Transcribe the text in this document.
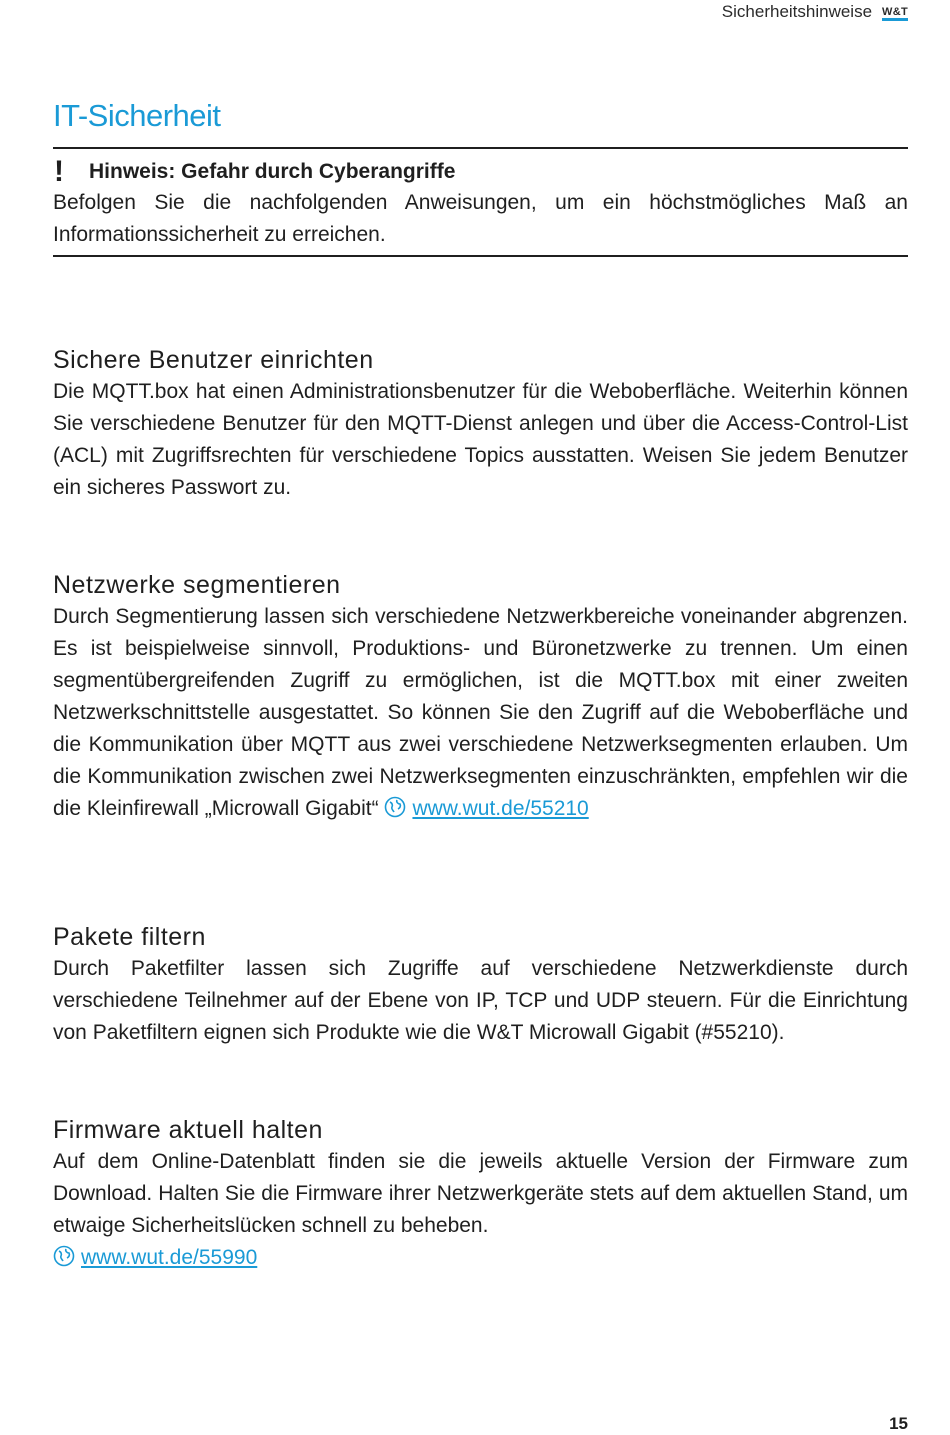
Sicherheitshinweise W&T
IT-Sicherheit
! Hinweis: Gefahr durch Cyberangriffe

Befolgen Sie die nachfolgenden Anweisungen, um ein höchstmögliches Maß an Informationssicherheit zu erreichen.

Sichere Benutzer einrichten

Die MQTT.box hat einen Administrationsbenutzer für die Weboberfläche. Weiterhin können Sie verschiedene Benutzer für den MQTT-Dienst anlegen und über die Access-Control-List (ACL) mit Zugriffsrechten für verschiedene Topics ausstatten. Weisen Sie jedem Benutzer ein sicheres Passwort zu.

Netzwerke segmentieren

Durch Segmentierung lassen sich verschiedene Netzwerkbereiche voneinander abgrenzen. Es ist beispielweise sinnvoll, Produktions- und Büronetzwerke zu trennen. Um einen segmentübergreifenden Zugriff zu ermöglichen, ist die MQTT.box mit einer zweiten Netzwerkschnittstelle ausgestattet. So können Sie den Zugriff auf die Weboberfläche und die Kommunikation über MQTT aus zwei verschiedene Netzwerksegmenten erlauben. Um die Kommunikation zwischen zwei Netzwerksegmenten einzuschränkten, empfehlen wir die die Kleinfirewall „Microwall Gigabit“ www.wut.de/55210

Pakete filtern

Durch Paketfilter lassen sich Zugriffe auf verschiedene Netzwerkdienste durch verschiedene Teilnehmer auf der Ebene von IP, TCP und UDP steuern. Für die Einrichtung von Paketfiltern eignen sich Produkte wie die W&T Microwall Gigabit (#55210).

Firmware aktuell halten

Auf dem Online-Datenblatt finden sie die jeweils aktuelle Version der Firmware zum Download. Halten Sie die Firmware ihrer Netzwerkgeräte stets auf dem aktuellen Stand, um etwaige Sicherheitslücken schnell zu beheben.

www.wut.de/55990

15
